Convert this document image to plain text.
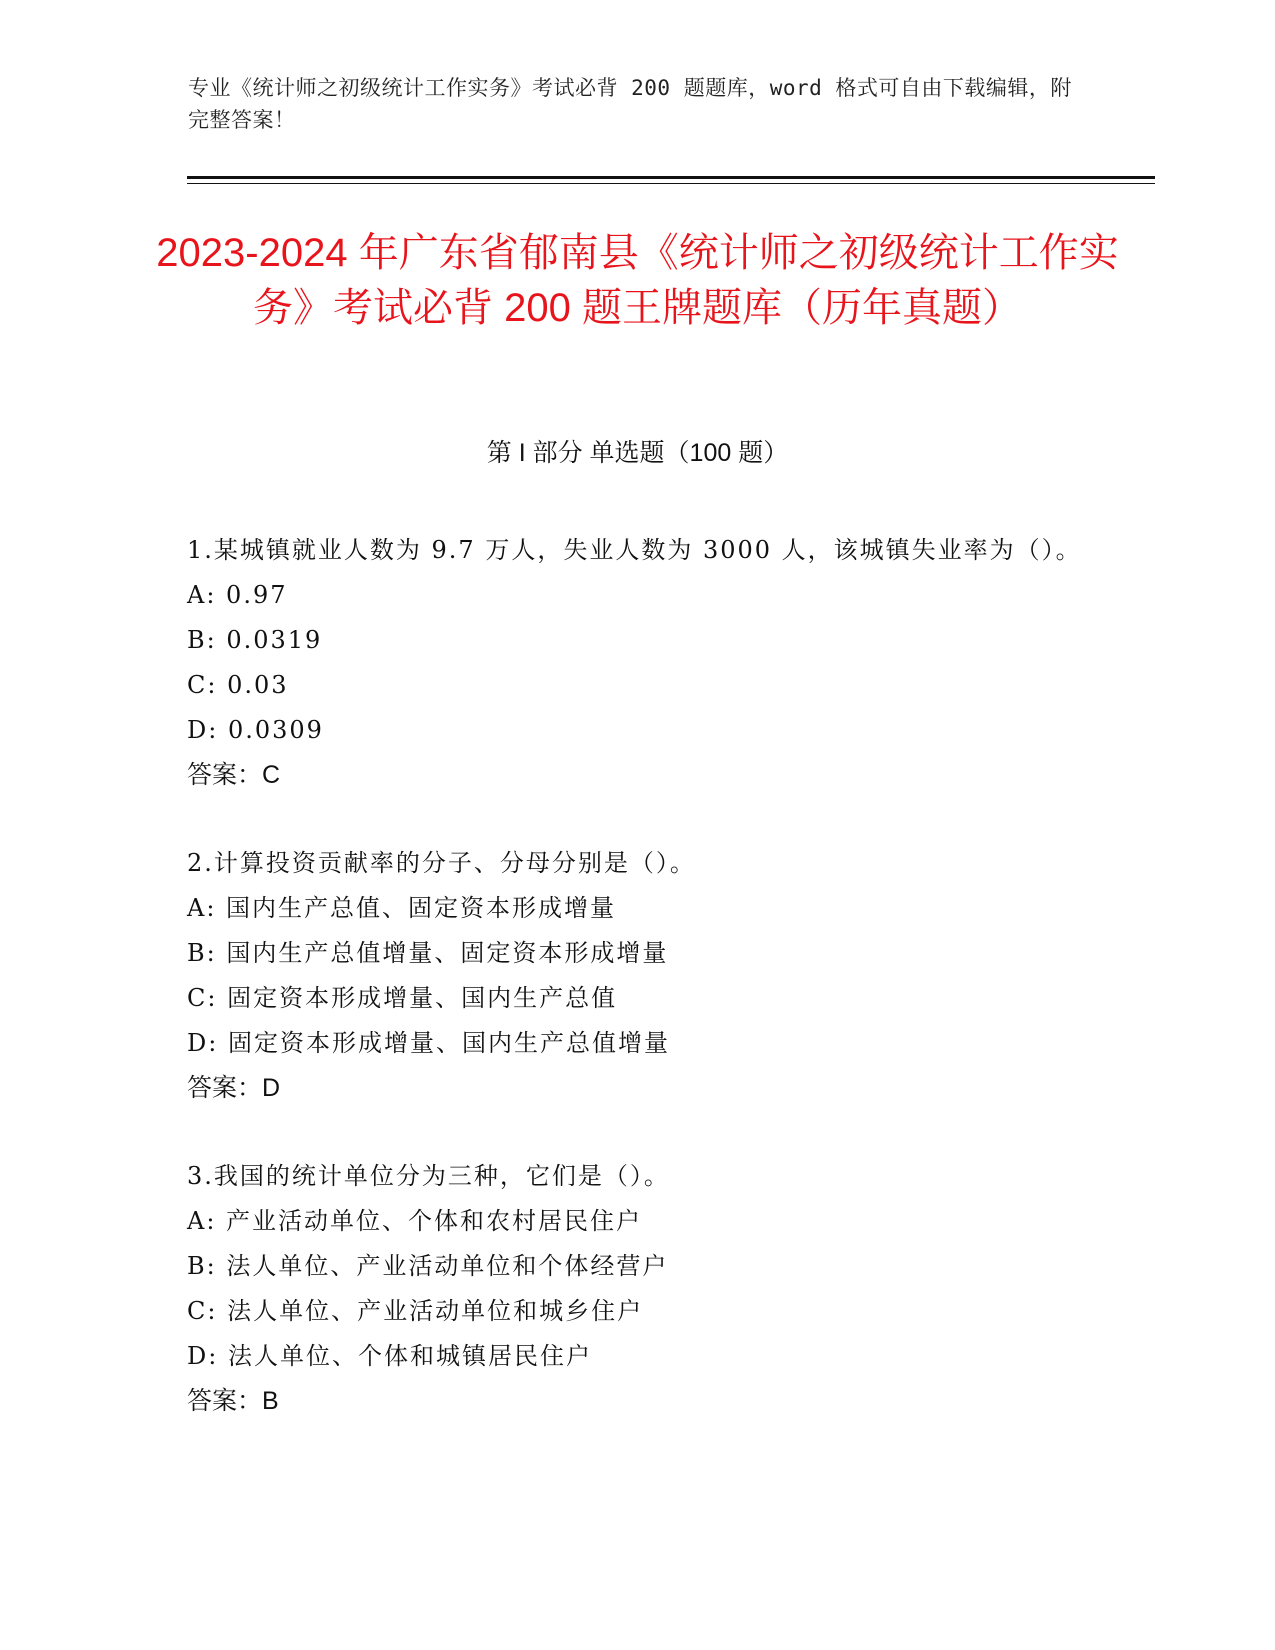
专业《统计师之初级统计工作实务》考试必背 200 题题库，word 格式可自由下载编辑，附完整答案！
2023-2024 年广东省郁南县《统计师之初级统计工作实务》考试必背 200 题王牌题库（历年真题）
第 I 部分 单选题（100 题）
1.某城镇就业人数为 9.7 万人，失业人数为 3000 人，该城镇失业率为（）。
A: 0.97
B: 0.0319
C: 0.03
D: 0.0309
答案：C
2.计算投资贡献率的分子、分母分别是（）。
A: 国内生产总值、固定资本形成增量
B: 国内生产总值增量、固定资本形成增量
C: 固定资本形成增量、国内生产总值
D: 固定资本形成增量、国内生产总值增量
答案：D
3.我国的统计单位分为三种，它们是（）。
A: 产业活动单位、个体和农村居民住户
B: 法人单位、产业活动单位和个体经营户
C: 法人单位、产业活动单位和城乡住户
D: 法人单位、个体和城镇居民住户
答案：B
